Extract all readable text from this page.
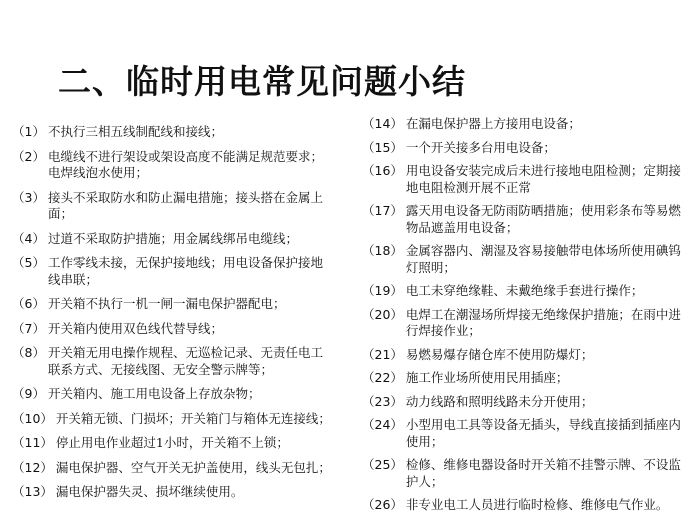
二、临时用电常见问题小结
（1） 不执行三相五线制配线和接线；
（2） 电缆线不进行架设或架设高度不能满足规范要求；电焊线泡水使用；
（3） 接头不采取防水和防止漏电措施；接头搭在金属上面；
（4） 过道不采取防护措施；用金属线绑吊电缆线；
（5） 工作零线未接，无保护接地线；用电设备保护接地线串联；
（6） 开关箱不执行一机一闸一漏电保护器配电；
（7） 开关箱内使用双色线代替导线；
（8） 开关箱无用电操作规程、无巡检记录、无责任电工联系方式、无接线图、无安全警示牌等；
（9） 开关箱内、施工用电设备上存放杂物；
（10） 开关箱无锁、门损坏；开关箱门与箱体无连接线；
（11） 停止用电作业超过1小时，开关箱不上锁；
（12） 漏电保护器、空气开关无护盖使用，线头无包扎；
（13） 漏电保护器失灵、损坏继续使用。
（14） 在漏电保护器上方接用电设备；
（15） 一个开关接多台用电设备；
（16） 用电设备安装完成后未进行接地电阻检测；定期接地电阻检测开展不正常
（17） 露天用电设备无防雨防晒措施；使用彩条布等易燃物品遮盖用电设备；
（18） 金属容器内、潮湿及容易接触带电体场所使用碘钨灯照明；
（19） 电工未穿绝缘鞋、未戴绝缘手套进行操作；
（20） 电焊工在潮湿场所焊接无绝缘保护措施；在雨中进行焊接作业；
（21） 易燃易爆存储仓库不使用防爆灯；
（22） 施工作业场所使用民用插座；
（23） 动力线路和照明线路未分开使用；
（24） 小型用电工具等设备无插头，导线直接插到插座内使用；
（25） 检修、维修电器设备时开关箱不挂警示牌、不设监护人；
（26） 非专业电工人员进行临时检修、维修电气作业。
